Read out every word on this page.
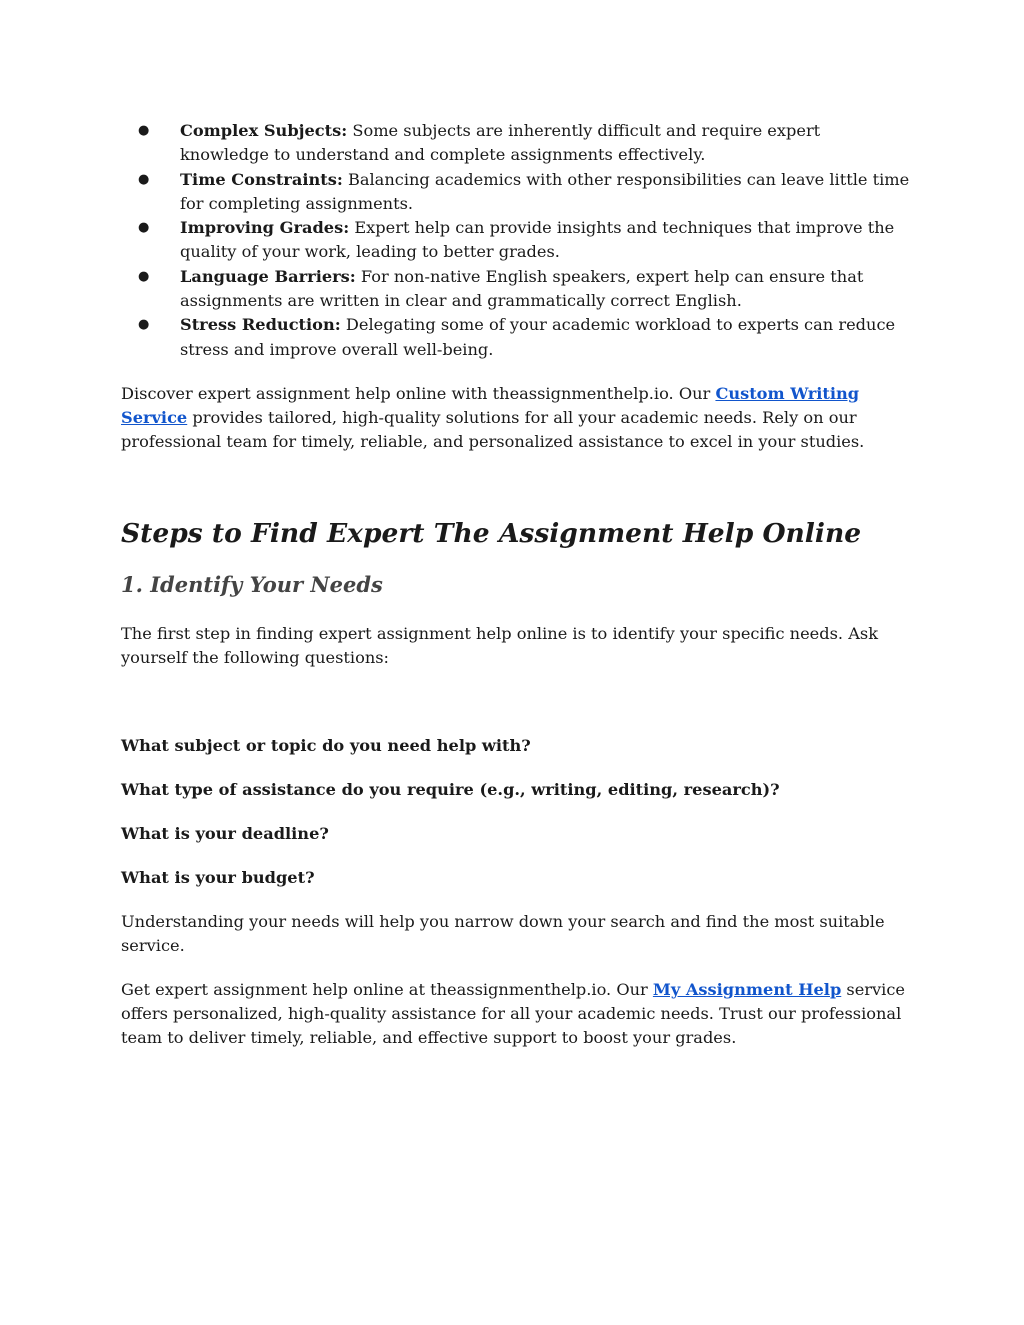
● Complex Subjects: Some subjects are inherently difficult and require expert knowledge to understand and complete assignments effectively.
● Time Constraints: Balancing academics with other responsibilities can leave little time for completing assignments.
● Improving Grades: Expert help can provide insights and techniques that improve the quality of your work, leading to better grades.
● Language Barriers: For non-native English speakers, expert help can ensure that assignments are written in clear and grammatically correct English.
● Stress Reduction: Delegating some of your academic workload to experts can reduce stress and improve overall well-being.

Discover expert assignment help online with theassignmenthelp.io. Our Custom Writing Service provides tailored, high-quality solutions for all your academic needs. Rely on our professional team for timely, reliable, and personalized assistance to excel in your studies.

Steps to Find Expert The Assignment Help Online
1. Identify Your Needs

The first step in finding expert assignment help online is to identify your specific needs. Ask yourself the following questions:

What subject or topic do you need help with?

What type of assistance do you require (e.g., writing, editing, research)?

What is your deadline?

What is your budget?

Understanding your needs will help you narrow down your search and find the most suitable service.

Get expert assignment help online at theassignmenthelp.io. Our My Assignment Help service offers personalized, high-quality assistance for all your academic needs. Trust our professional team to deliver timely, reliable, and effective support to boost your grades.
